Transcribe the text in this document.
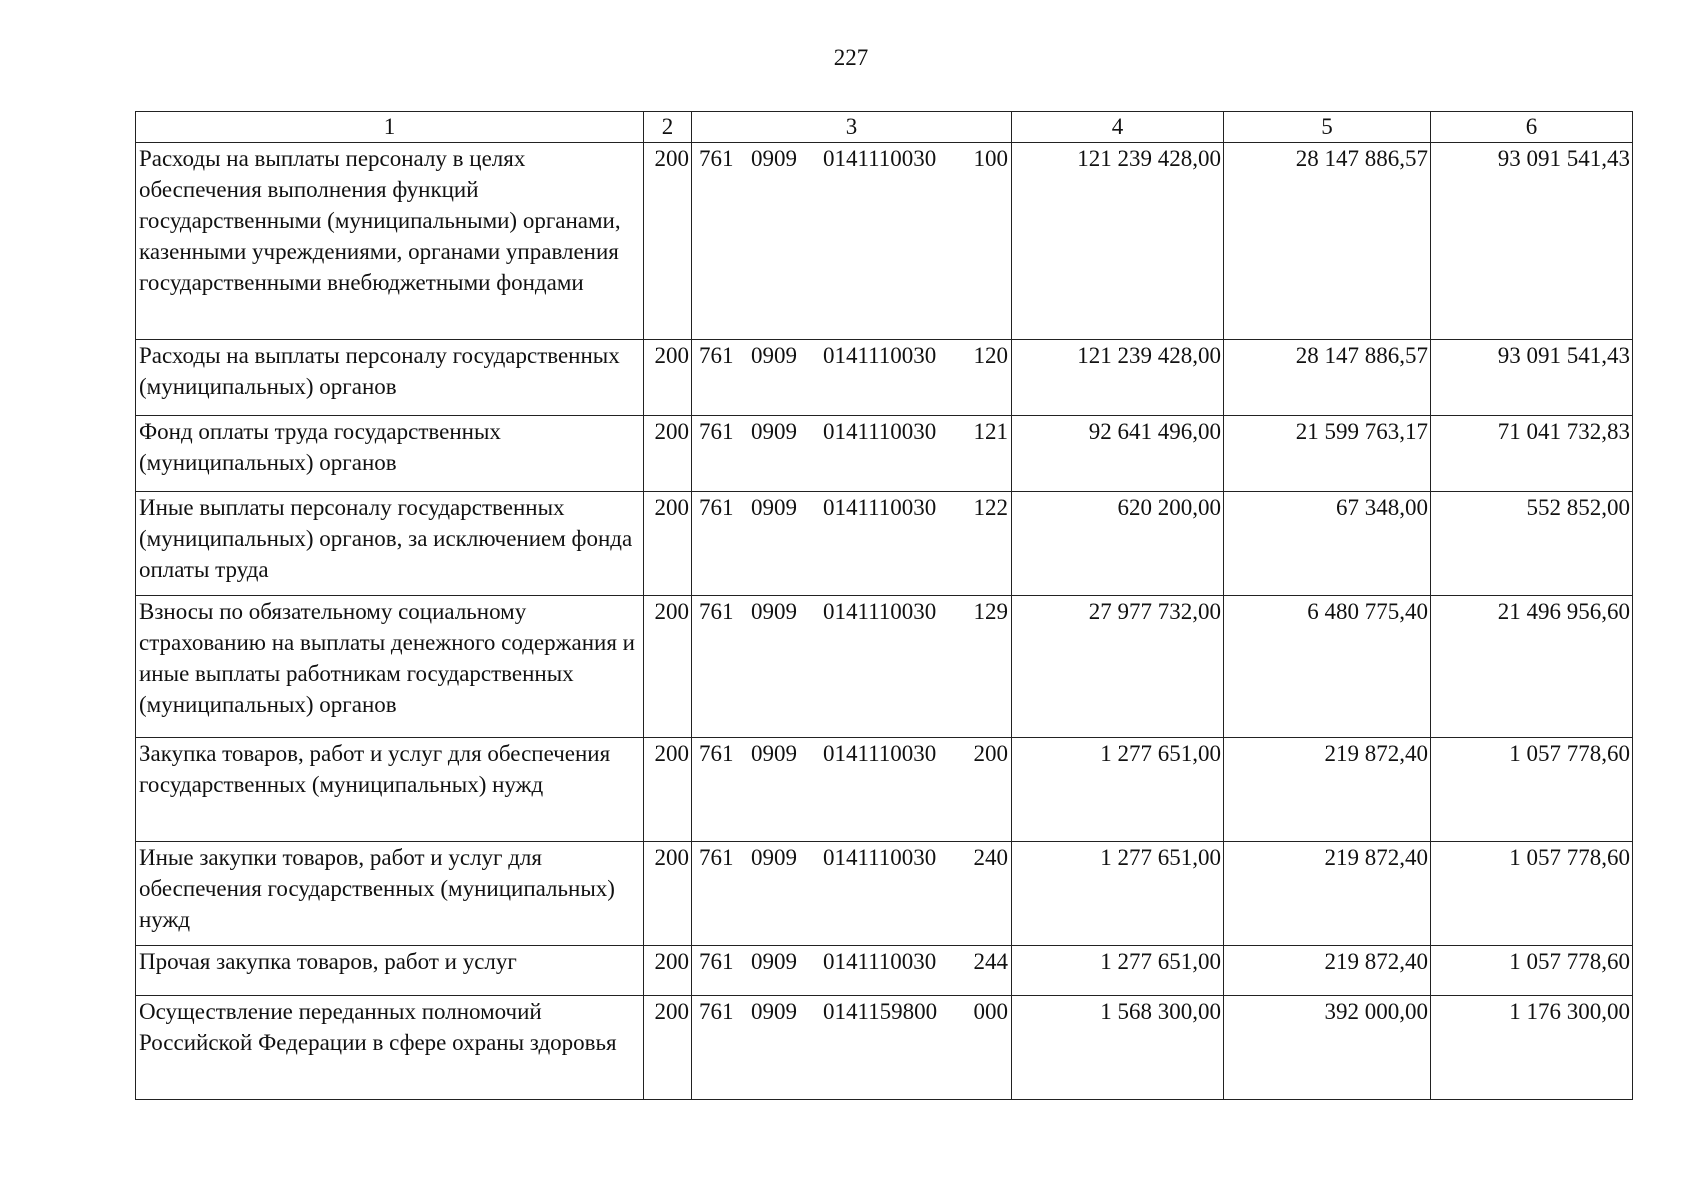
227
1	2	3	4	5	6
Расходы на выплаты персоналу в целях обеспечения выполнения функций государственными (муниципальными) органами, казенными учреждениями, органами управления государственными внебюджетными фондами	200	761 0909 0141110030 100	121 239 428,00	28 147 886,57	93 091 541,43
Расходы на выплаты персоналу государственных (муниципальных) органов	200	761 0909 0141110030 120	121 239 428,00	28 147 886,57	93 091 541,43
Фонд оплаты труда государственных (муниципальных) органов	200	761 0909 0141110030 121	92 641 496,00	21 599 763,17	71 041 732,83
Иные выплаты персоналу государственных (муниципальных) органов, за исключением фонда оплаты труда	200	761 0909 0141110030 122	620 200,00	67 348,00	552 852,00
Взносы по обязательному социальному страхованию на выплаты денежного содержания и иные выплаты работникам государственных (муниципальных) органов	200	761 0909 0141110030 129	27 977 732,00	6 480 775,40	21 496 956,60
Закупка товаров, работ и услуг для обеспечения государственных (муниципальных) нужд	200	761 0909 0141110030 200	1 277 651,00	219 872,40	1 057 778,60
Иные закупки товаров, работ и услуг для обеспечения государственных (муниципальных) нужд	200	761 0909 0141110030 240	1 277 651,00	219 872,40	1 057 778,60
Прочая закупка товаров, работ и услуг	200	761 0909 0141110030 244	1 277 651,00	219 872,40	1 057 778,60
Осуществление переданных полномочий Российской Федерации в сфере охраны здоровья	200	761 0909 0141159800 000	1 568 300,00	392 000,00	1 176 300,00
